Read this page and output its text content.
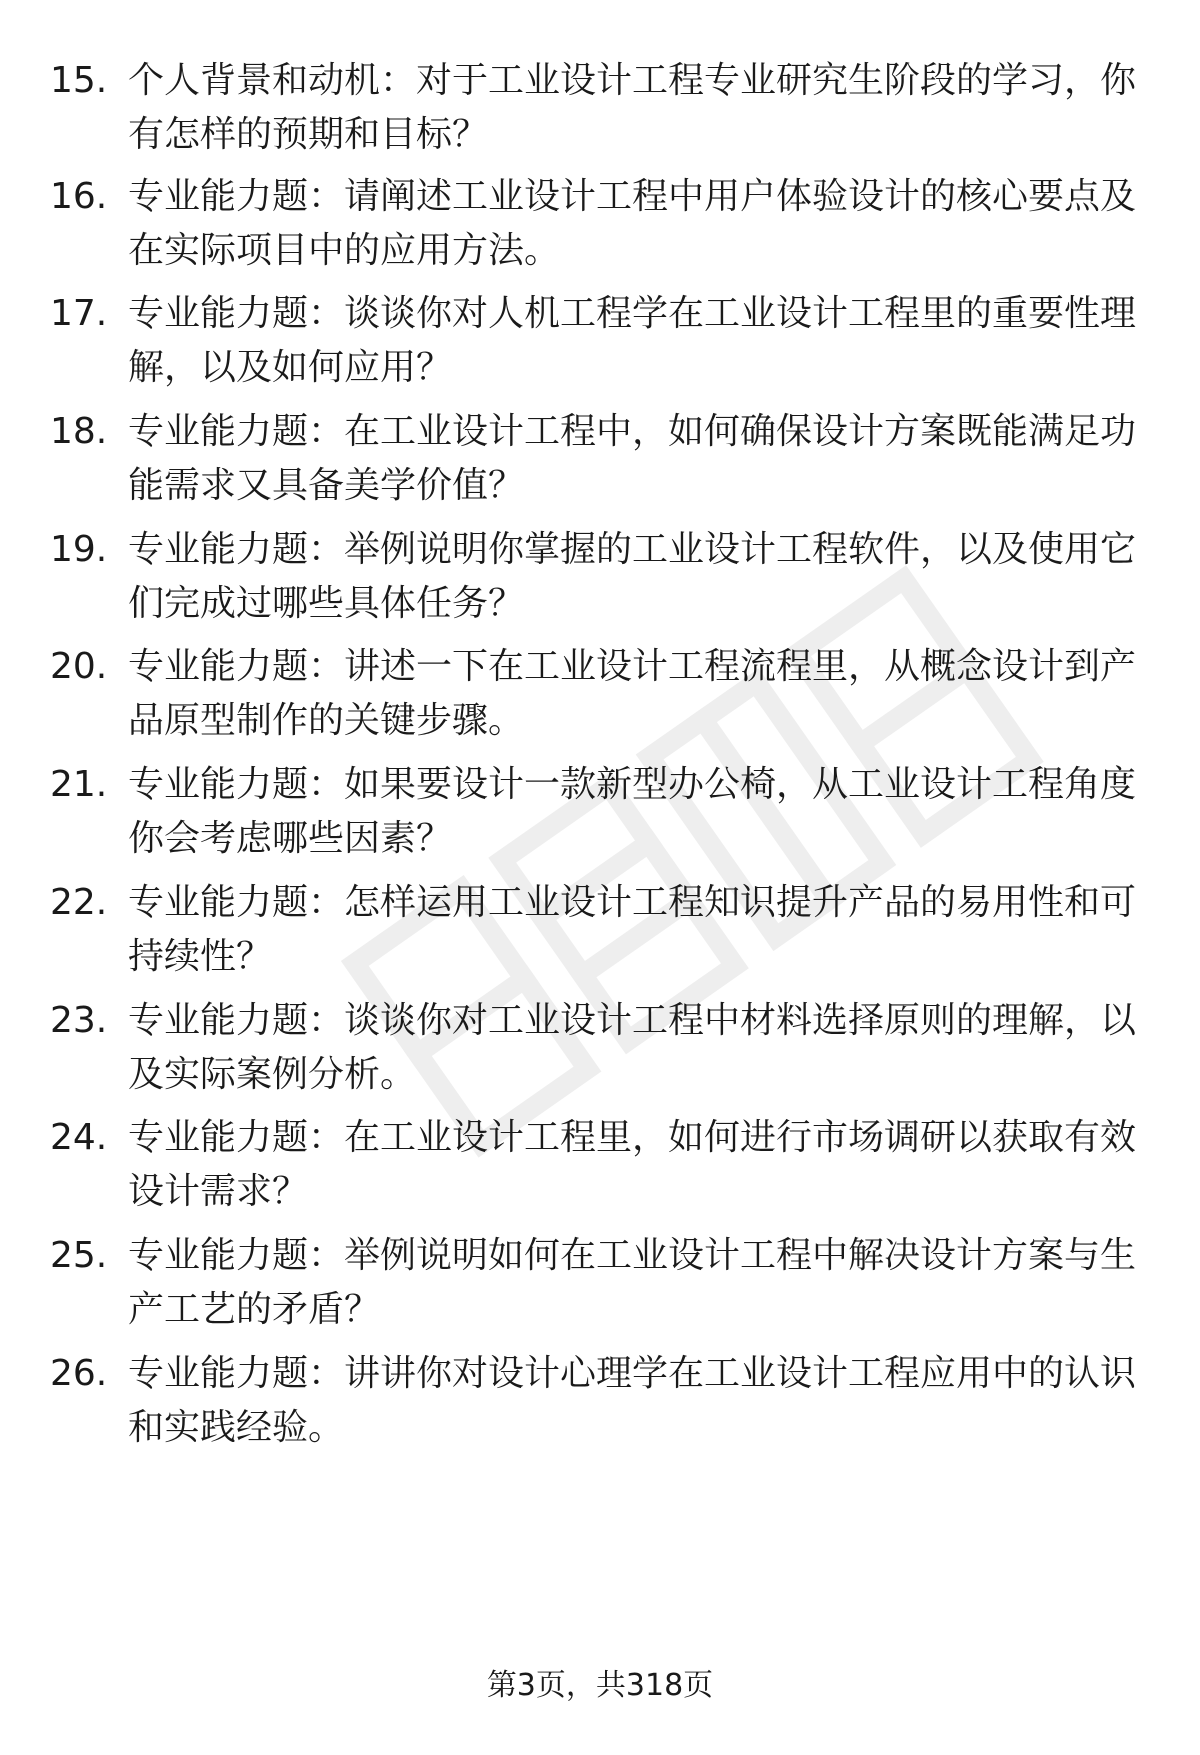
15. 个人背景和动机：对于工业设计工程专业研究生阶段的学习，你有怎样的预期和目标？
16. 专业能力题：请阐述工业设计工程中用户体验设计的核心要点及在实际项目中的应用方法。
17. 专业能力题：谈谈你对人机工程学在工业设计工程里的重要性理解，以及如何应用？
18. 专业能力题：在工业设计工程中，如何确保设计方案既能满足功能需求又具备美学价值？
19. 专业能力题：举例说明你掌握的工业设计工程软件，以及使用它们完成过哪些具体任务？
20. 专业能力题：讲述一下在工业设计工程流程里，从概念设计到产品原型制作的关键步骤。
21. 专业能力题：如果要设计一款新型办公椅，从工业设计工程角度你会考虑哪些因素？
22. 专业能力题：怎样运用工业设计工程知识提升产品的易用性和可持续性？
23. 专业能力题：谈谈你对工业设计工程中材料选择原则的理解，以及实际案例分析。
24. 专业能力题：在工业设计工程里，如何进行市场调研以获取有效设计需求？
25. 专业能力题：举例说明如何在工业设计工程中解决设计方案与生产工艺的矛盾？
26. 专业能力题：讲讲你对设计心理学在工业设计工程应用中的认识和实践经验。
第3页，共318页
